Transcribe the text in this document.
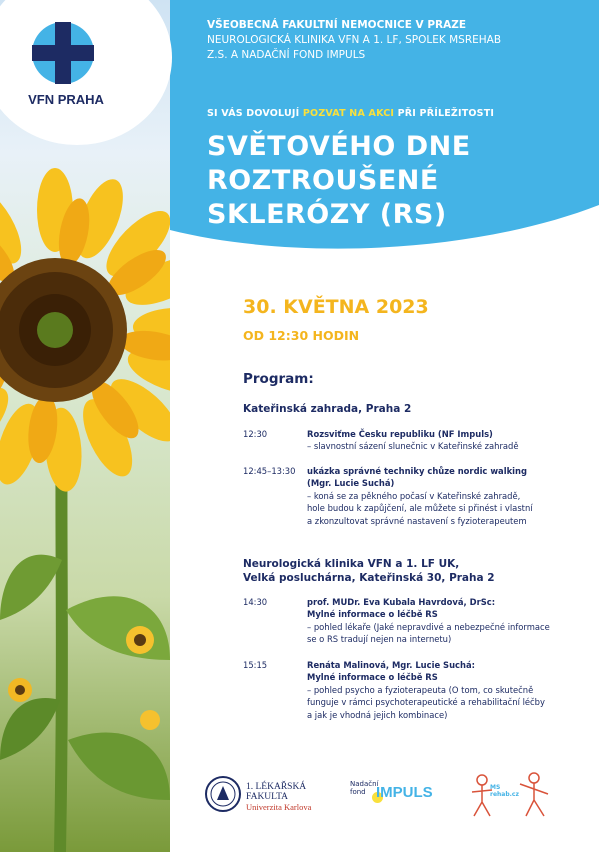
VFN PRAHA
VŠEOBECNÁ FAKULTNÍ NEMOCNICE V PRAZE
NEUROLOGICKÁ KLINIKA VFN A 1. LF, SPOLEK MSREHAB
Z.S. A NADAČNÍ FOND IMPULS
SI VÁS DOVOLUJÍ POZVAT NA AKCI PŘI PŘÍLEŽITOSTI
SVĚTOVÉHO DNE
ROZTROUŠENÉ
SKLERÓZY (RS)
30. KVĚTNA 2023
OD 12:30 HODIN
Program:
Kateřinská zahrada, Praha 2
12:30	Rozsviťme Česku republiku (NF Impuls)
– slavnostní sázení slunečnic v Kateřinské zahradě
12:45–13:30	ukázka správné techniky chůze nordic walking
(Mgr. Lucie Suchá)
– koná se za pěkného počasí v Kateřinské zahradě,
hole budou k zapůjčení, ale můžete si přinést i vlastní
a zkonzultovat správné nastavení s fyzioterapeutem
Neurologická klinika VFN a 1. LF UK,
Velká posluchárna, Kateřinská 30, Praha 2
14:30	prof. MUDr. Eva Kubala Havrdová, DrSc:
Mylné informace o léčbě RS
– pohled lékaře (Jaké nepravdivé a nebezpečné informace
se o RS tradují nejen na internetu)
15:15	Renáta Malinová, Mgr. Lucie Suchá:
Mylné informace o léčbě RS
– pohled psycho a fyzioterapeuta (O tom, co skutečně
funguje v rámci psychoterapeutické a rehabilitační léčby
a jak je vhodná jejich kombinace)
1. LÉKAŘSKÁ
FAKULTA
Univerzita Karlova
Nadační
fond IMPULS	MS rehab.cz
